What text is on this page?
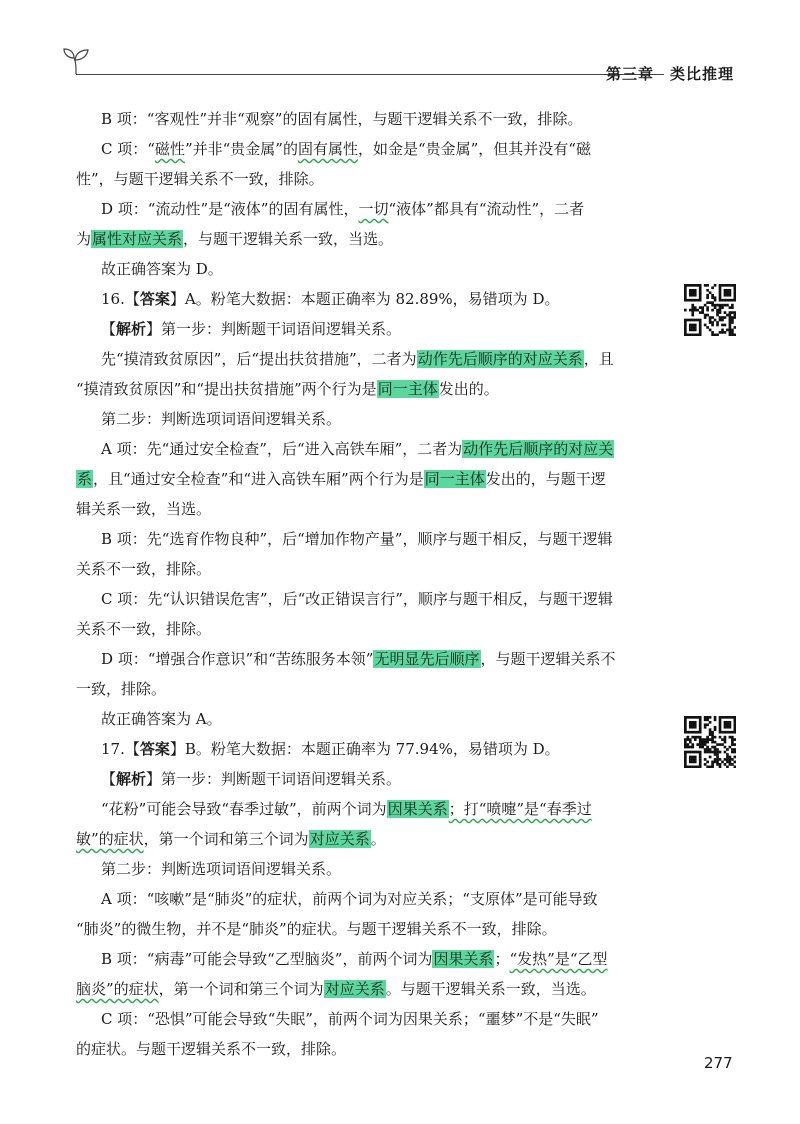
第三章 类比推理

B 项：“客观性”并非“观察”的固有属性，与题干逻辑关系不一致，排除。

C 项：“磁性”并非“贵金属”的固有属性，如金是“贵金属”，但其并没有“磁

性”，与题干逻辑关系不一致，排除。

D 项：“流动性”是“液体”的固有属性，一切“液体”都具有“流动性”，二者

为属性对应关系，与题干逻辑关系一致，当选。

故正确答案为 D。

16.【答案】A。粉笔大数据：本题正确率为 82.89%，易错项为 D。

【解析】第一步：判断题干词语间逻辑关系。

先“摸清致贫原因”，后“提出扶贫措施”，二者为动作先后顺序的对应关系，且

“摸清致贫原因”和“提出扶贫措施”两个行为是同一主体发出的。

第二步：判断选项词语间逻辑关系。

A 项：先“通过安全检查”，后“进入高铁车厢”，二者为动作先后顺序的对应关

系，且“通过安全检查”和“进入高铁车厢”两个行为是同一主体发出的，与题干逻

辑关系一致，当选。

B 项：先“选育作物良种”，后“增加作物产量”，顺序与题干相反，与题干逻辑

关系不一致，排除。

C 项：先“认识错误危害”，后“改正错误言行”，顺序与题干相反，与题干逻辑

关系不一致，排除。

D 项：“增强合作意识”和“苦练服务本领”无明显先后顺序，与题干逻辑关系不

一致，排除。

故正确答案为 A。

17.【答案】B。粉笔大数据：本题正确率为 77.94%，易错项为 D。

【解析】第一步：判断题干词语间逻辑关系。

“花粉”可能会导致“春季过敏”，前两个词为因果关系；打“喷嚏”是“春季过

敏”的症状，第一个词和第三个词为对应关系。

第二步：判断选项词语间逻辑关系。

A 项：“咳嗽”是“肺炎”的症状，前两个词为对应关系；“支原体”是可能导致

“肺炎”的微生物，并不是“肺炎”的症状。与题干逻辑关系不一致，排除。

B 项：“病毒”可能会导致“乙型脑炎”，前两个词为因果关系；“发热”是“乙型

脑炎”的症状，第一个词和第三个词为对应关系。与题干逻辑关系一致，当选。

C 项：“恐惧”可能会导致“失眠”，前两个词为因果关系；“噩梦”不是“失眠”

的症状。与题干逻辑关系不一致，排除。

277
